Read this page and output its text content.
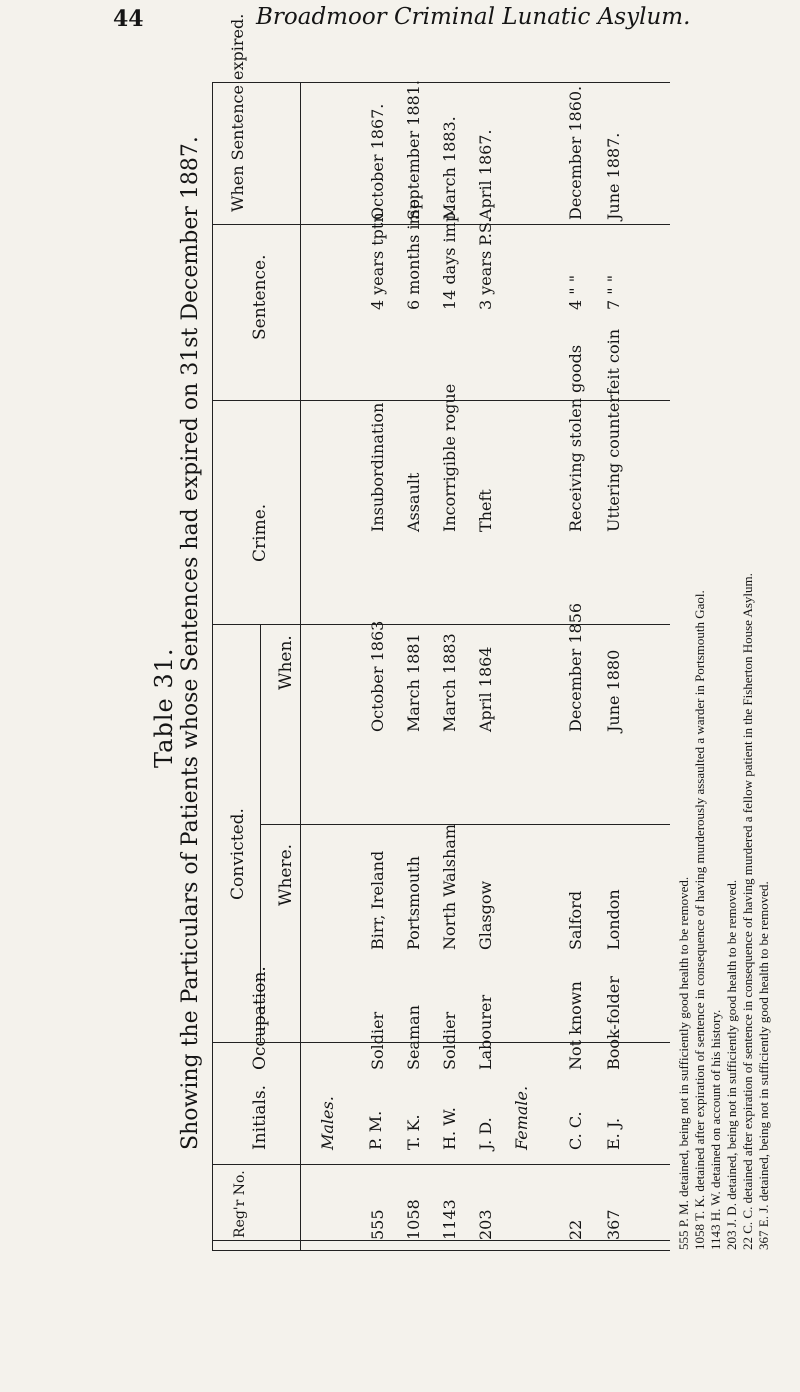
44	Broadmoor Criminal Lunatic Asylum.
Table 31. Showing the Particulars of Patients whose Sentences had expired on 31st December 1887.
When Sentence expired.
Sentence.
Crime.
Convicted.
When.
Where.
Occupation.
Initials.
Reg'r No.
Males.	Female.
555
P. M.
Soldier
Birr, Ireland
October 1863
Insubordination
4 years tptn.
October 1867.
1058
T. K.
Seaman
Portsmouth
March 1881
Assault
6 months imp.
September 1881.
1143
H. W.
Soldier
North Walsham
March 1883
Incorrigible rogue
14 days imp.
March 1883.
203
J. D.
Labourer
Glasgow
April 1864
Theft
3 years P.S.
April 1867.
22
C. C.
Not known
Salford
December 1856
Receiving stolen goods
4 " "
December 1860.
367
E. J.
Book-folder
London
June 1880
Uttering counterfeit coin
7 " "
June 1887.
555 P. M. detained, being not in sufficiently good health to be removed. 1058 T. K. detained after expiration of sentence in consequence of having murderously assaulted a warder in Portsmouth Gaol. 1143 H. W. detained on account of his history. 203 J. D. detained, being not in sufficiently good health to be removed. 22 C. C. detained after expiration of sentence in consequence of having murdered a fellow patient in the Fisherton House Asylum. 367 E. J. detained, being not in sufficiently good health to be removed.
